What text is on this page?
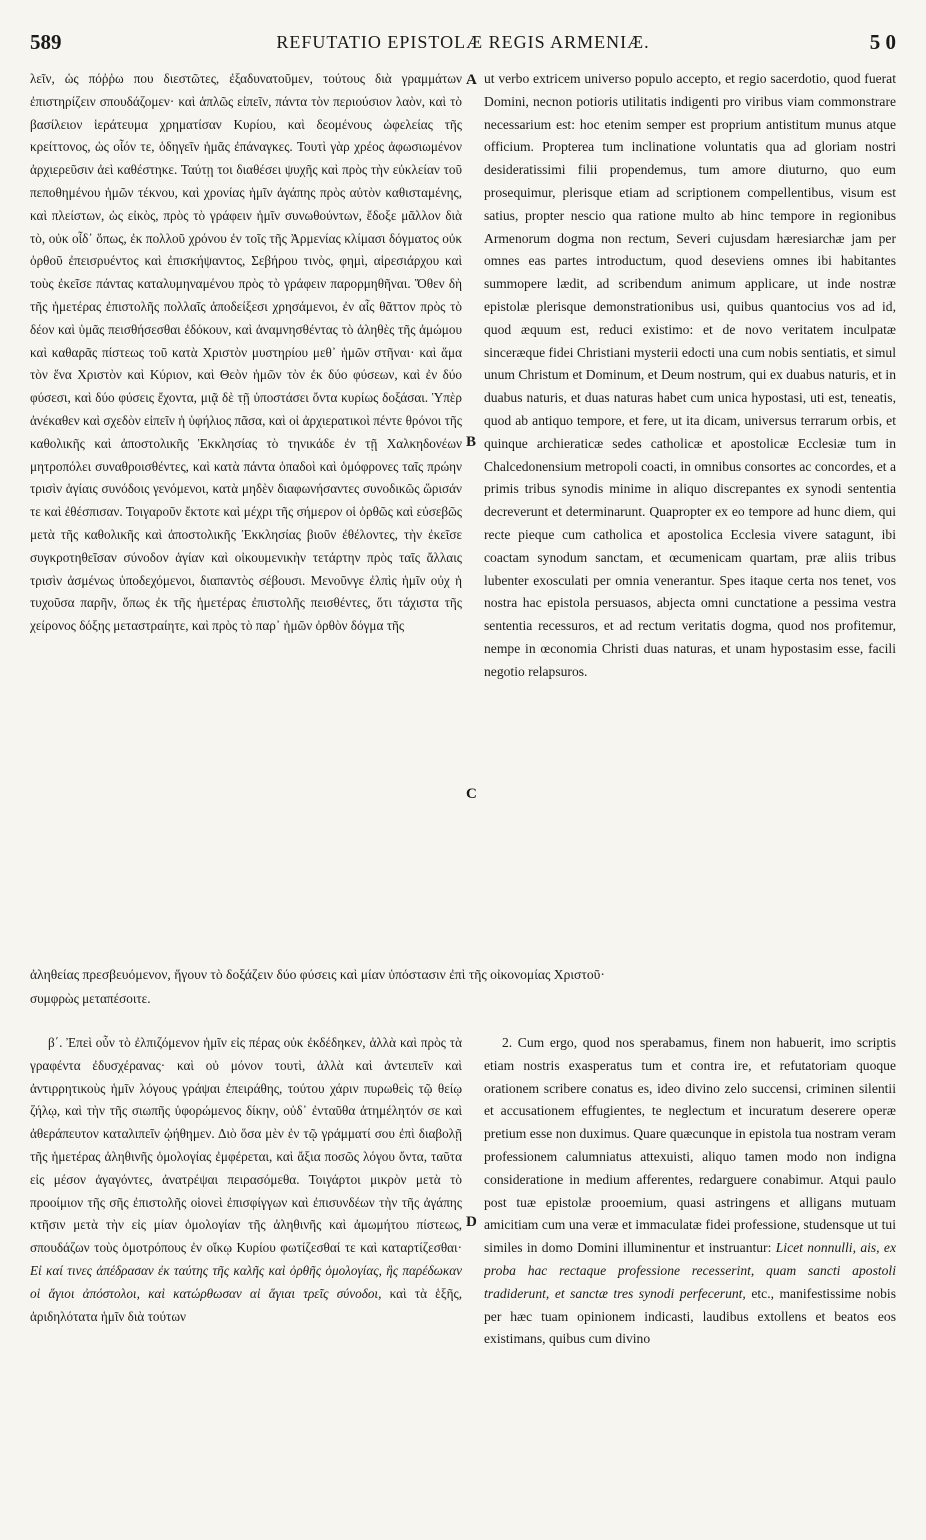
589	REFUTATIO EPISTOLÆ REGIS ARMENIÆ.	5 0

λεῖν, ὡς πόῤῥω που διεστῶτες, ἐξαδυνατοῦμεν, τούτους διὰ γραμμάτων ἐπιστηρίζειν σπουδάζομεν· καὶ ἁπλῶς εἰπεῖν, πάντα τὸν περιούσιον λαὸν, καὶ τὸ βασίλειον ἱεράτευμα χρηματίσαν Κυρίου, καὶ δεομένους ὠφελείας τῆς κρείττονος, ὡς οἷόν τε, ὁδηγεῖν ἡμᾶς ἐπάναγκες. Τουτὶ γὰρ χρέος ἀφωσιωμένον ἀρχιερεῦσιν ἀεὶ καθέστηκε. Ταύτῃ τοι διαθέσει ψυχῆς καὶ πρὸς τὴν εὐκλείαν τοῦ πεποθημένου ἡμῶν τέκνου, καὶ χρονίας ἡμῖν ἀγάπης πρὸς αὐτὸν καθισταμένης, καὶ πλείστων, ὡς εἰκὸς, πρὸς τὸ γράφειν ἡμῖν συνωθούντων, ἔδοξε μᾶλλον διὰ τὸ, οὐκ οἶδ᾽ ὅπως, ἐκ πολλοῦ χρόνου ἐν τοῖς τῆς Ἀρμενίας κλίμασι δόγματος οὐκ ὀρθοῦ ἐπεισρυέντος καὶ ἐπισκήψαντος, Σεβήρου τινὸς, φημὶ, αἱρεσιάρχου καὶ τοὺς ἐκεῖσε πάντας καταλυμηναμένου πρὸς τὸ γράφειν παρορμηθῆναι. Ὅθεν δὴ τῆς ἡμετέρας ἐπιστολῆς πολλαῖς ἀποδείξεσι χρησάμενοι, ἐν αἷς θᾶττον πρὸς τὸ δέον καὶ ὑμᾶς πεισθήσεσθαι ἐδόκουν, καὶ ἀναμνησθέντας τὸ ἀληθὲς τῆς ἀμώμου καὶ καθαρᾶς πίστεως τοῦ κατὰ Χριστὸν μυστηρίου μεθ᾽ ἡμῶν στῆναι· καὶ ἅμα τὸν ἕνα Χριστὸν καὶ Κύριον, καὶ Θεὸν ἡμῶν τὸν ἐκ δύο φύσεων, καὶ ἐν δύο φύσεσι, καὶ δύο φύσεις ἔχοντα, μιᾷ δὲ τῇ ὑποστάσει ὄντα κυρίως δοξάσαι. Ὑπὲρ ἀνέκαθεν καὶ σχεδὸν εἰπεῖν ἡ ὑφήλιος πᾶσα, καὶ οἱ ἀρχιερατικοὶ πέντε θρόνοι τῆς καθολικῆς καὶ ἀποστολικῆς Ἐκκλησίας τὸ τηνικάδε ἐν τῇ Χαλκηδονέων μητροπόλει συναθροισθέντες, καὶ κατὰ πάντα ὁπαδοὶ καὶ ὁμόφρονες ταῖς πρώην τρισὶν ἁγίαις συνόδοις γενόμενοι, κατὰ μηδὲν διαφωνήσαντες συνοδικῶς ὥρισάν τε καὶ ἐθέσπισαν. Τοιγαροῦν ἔκτοτε καὶ μέχρι τῆς σήμερον οἱ ὀρθῶς καὶ εὐσεβῶς μετὰ τῆς καθολικῆς καὶ ἀποστολικῆς Ἐκκλησίας βιοῦν ἐθέλοντες, τὴν ἐκεῖσε συγκροτηθεῖσαν σύνοδον ἁγίαν καὶ οἰκουμενικὴν τετάρτην πρὸς ταῖς ἄλλαις τρισὶν ἀσμένως ὑποδεχόμενοι, διαπαντὸς σέβουσι. Μενοῦνγε ἐλπὶς ἡμῖν οὐχ ἡ τυχοῦσα παρῆν, ὅπως ἐκ τῆς ἡμετέρας ἐπιστολῆς πεισθέντες, ὅτι τάχιστα τῆς χείρονος δόξης μεταστραίητε, καὶ πρὸς τὸ παρ᾽ ἡμῶν ὀρθὸν δόγμα τῆς

ut verbo extricem universo populo accepto, et regio sacerdotio, quod fuerat Domini, necnon potioris utilitatis indigenti pro viribus viam commonstrare necessarium est: hoc etenim semper est proprium antistitum munus atque officium. Propterea tum inclinatione voluntatis qua ad gloriam nostri desideratissimi filii propendemus, tum amore diuturno, quo eum prosequimur, plerisque etiam ad scriptionem compellentibus, visum est satius, propter nescio qua ratione multo ab hinc tempore in regionibus Armenorum dogma non rectum, Severi cujusdam hæresiarchæ jam per omnes eas partes introductum, quod deseviens omnes ibi habitantes summopere lædit, ad scribendum animum applicare, ut inde nostræ epistolæ plerisque demonstrationibus usi, quibus quantocius vos ad id, quod æquum est, reduci existimo: et de novo veritatem inculpatæ sinceræque fidei Christiani mysterii edocti una cum nobis sentiatis, et simul unum Christum et Dominum, et Deum nostrum, qui ex duabus naturis, et in duabus naturis, et duas naturas habet cum unica hypostasi, uti est, teneatis, quod ab antiquo tempore, et fere, ut ita dicam, universus terrarum orbis, et quinque archieraticæ sedes catholicæ et apostolicæ Ecclesiæ tum in Chalcedonensium metropoli coacti, in omnibus consortes ac concordes, et a primis tribus synodis minime in aliquo discrepantes ex synodi sententia decreverunt et determinarunt. Quapropter ex eo tempore ad hunc diem, qui recte pieque cum catholica et apostolica Ecclesia vivere satagunt, ibi coactam synodum sanctam, et œcumenicam quartam, præ aliis tribus lubenter exosculati per omnia venerantur. Spes itaque certa nos tenet, vos nostra hac epistola persuasos, abjecta omni cunctatione a pessima vestra sententia recessuros, et ad rectum veritatis dogma, quod nos profitemur, nempe in œconomia Christi duas naturas, et unam hypostasim esse, facili negotio relapsuros.

ἀληθείας πρεσβευόμενον, ἥγουν τὸ δοξάζειν δύο φύσεις καὶ μίαν ὑπόστασιν ἐπὶ τῆς οἰκονομίας Χριστοῦ·

συμφρὼς μεταπέσοιτε.

β΄. Ἐπεὶ οὖν τὸ ἐλπιζόμενον ἡμῖν εἰς πέρας οὐκ ἐκδέδηκεν, ἀλλὰ καὶ πρὸς τὰ γραφέντα ἐδυσχέρανας· καὶ οὐ μόνον τουτὶ, ἀλλὰ καὶ ἀντειπεῖν καὶ ἀντιρρητικοὺς ἡμῖν λόγους γράψαι ἐπειράθης, τούτου χάριν πυρωθεὶς τῷ θείῳ ζήλῳ, καὶ τὴν τῆς σιωπῆς ὑφορώμενος δίκην, οὐδ᾽ ἐνταῦθα ἀτημέλητόν σε καὶ ἀθεράπευτον καταλιπεῖν ᾠήθημεν. Διὸ ὅσα μὲν ἐν τῷ γράμματί σου ἐπὶ διαβολῇ τῆς ἡμετέρας ἀληθινῆς ὁμολογίας ἐμφέρεται, καὶ ἄξια ποσῶς λόγου ὄντα, ταῦτα εἰς μέσον ἀγαγόντες, ἀνατρέψαι πειρασόμεθα. Τοιγάρτοι μικρὸν μετὰ τὸ προοίμιον τῆς σῆς ἐπιστολῆς οἱονεὶ ἐπισφίγγων καὶ ἐπισυνδέων τὴν τῆς ἀγάπης κτῆσιν μετὰ τὴν εἰς μίαν ὁμολογίαν τῆς ἀληθινῆς καὶ ἀμωμήτου πίστεως, σπουδάζων τοὺς ὁμοτρόπους ἐν οἴκῳ Κυρίου φωτίζεσθαί τε καὶ καταρτίζεσθαι· Εἰ καί τινες ἀπέδρασαν ἐκ ταύτης τῆς καλῆς καὶ ὀρθῆς ὁμολογίας, ἣς παρέδωκαν οἱ ἅγιοι ἀπόστολοι, καὶ κατώρθωσαν αἱ ἅγιαι τρεῖς σύνοδοι, καὶ τὰ ἑξῆς, ἀριδηλότατα ἡμῖν διὰ τούτων

2. Cum ergo, quod nos sperabamus, finem non habuerit, imo scriptis etiam nostris exasperatus tum et contra ire, et refutatoriam quoque orationem scribere conatus es, ideo divino zelo succensi, criminen silentii et accusationem effugientes, te neglectum et incuratum deserere operæ pretium esse non duximus. Quare quæcunque in epistola tua nostram veram professionem calumniatus attexuisti, aliquo tamen modo non indigna consideratione in medium afferentes, redarguere conabimur. Atqui paulo post tuæ epistolæ prooemium, quasi astringens et alligans mutuam amicitiam cum una veræ et immaculatæ fidei professione, studensque ut tui similes in domo Domini illuminentur et instruantur: Licet nonnulli, ais, ex proba hac rectaque professione recesserint, quam sancti apostoli tradiderunt, et sanctæ tres synodi perfecerunt, etc., manifestissime nobis per hæc tuam opinionem indicasti, laudibus extollens et beatos eos existimans, quibus cum divino

A
B
C
D
